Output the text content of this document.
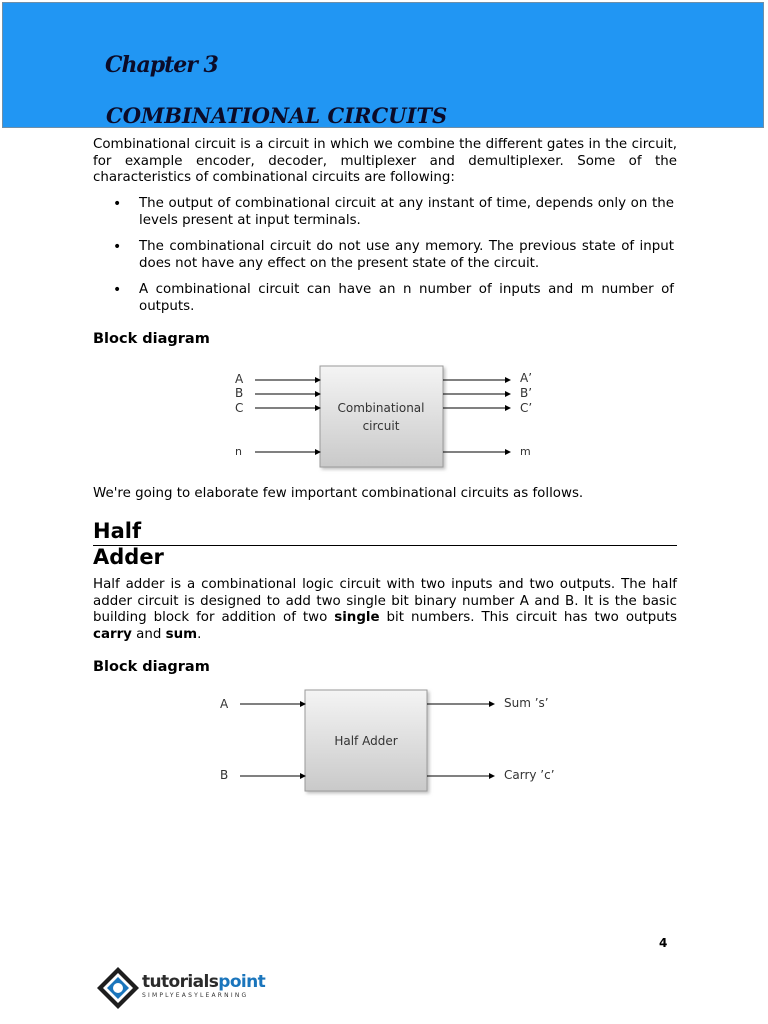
Chapter 3
COMBINATIONAL CIRCUITS

Combinational circuit is a circuit in which we combine the different gates in the circuit, for example encoder, decoder, multiplexer and demultiplexer. Some of the characteristics of combinational circuits are following:

• The output of combinational circuit at any instant of time, depends only on the levels present at input terminals.
• The combinational circuit do not use any memory. The previous state of input does not have any effect on the present state of the circuit.
• A combinational circuit can have an n number of inputs and m number of outputs.
Block diagram
Combinational
circuit
A
B
C
n
A’
B’
C’
m
Half Adder
A
B
Sum ’s’
Carry ’c’

We're going to elaborate few important combinational circuits as follows.

Half
Adder

Half adder is a combinational logic circuit with two inputs and two outputs. The half adder circuit is designed to add two single bit binary number A and B. It is the basic building block for addition of two single bit numbers. This circuit has two outputs carry and sum.

Block diagram
4
tutorialspoint
SIMPLYEASYLEARNING
